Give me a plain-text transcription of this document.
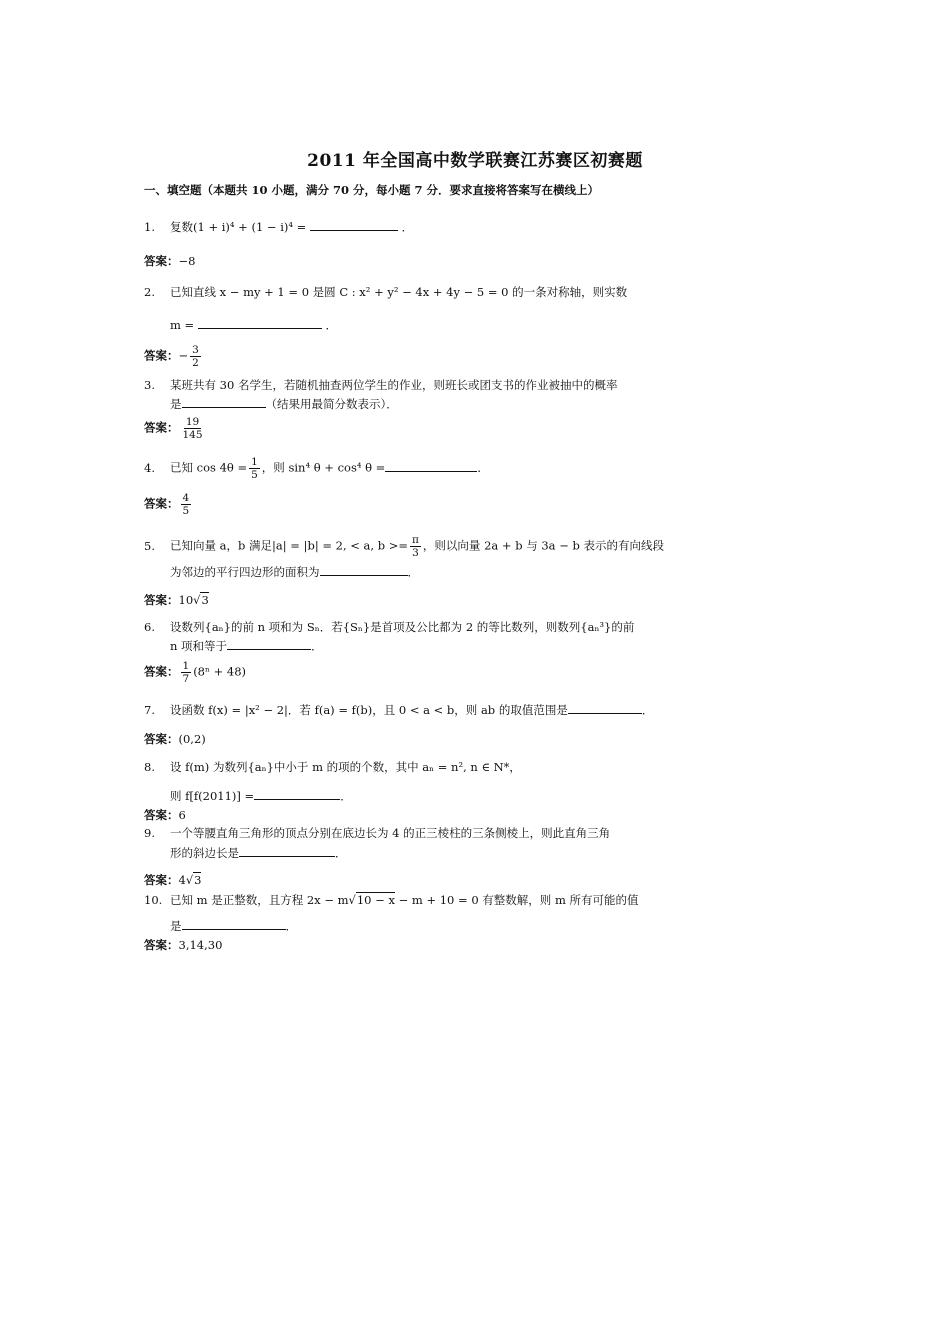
2011 年全国高中数学联赛江苏赛区初赛题
一、填空题（本题共 10 小题，满分 70 分，每小题 7 分．要求直接将答案写在横线上）
1. 复数(1 + i)⁴ + (1 − i)⁴ =	．
答案：−8
2. 已知直线 x − my + 1 = 0 是圆 C : x² + y² − 4x + 4y − 5 = 0 的一条对称轴，则实数
m =	．
答案：− $\frac{3}{2}$
3. 某班共有 30 名学生，若随机抽查两位学生的作业，则班长或团支书的作业被抽中的概率
是	（结果用最简分数表示）．
答案： $\frac{19}{145}$
4. 已知 $\cos 4\theta = \frac{1}{5}$ ，则 sin⁴ θ + cos⁴ θ =	．
答案： $\frac{4}{5}$
5. 已知向量 a，b 满足|a| = |b| = 2, < a, $b >= \frac{\pi}{3}$ ，则以向量 2a + b 与 3a − b 表示的有向线段
为邻边的平行四边形的面积为	．
答案：10√3
6. 设数列{aₙ}的前 n 项和为 Sₙ．若{Sₙ}是首项及公比都为 2 的等比数列，则数列{aₙ³}的前
n 项和等于	．
答案： $\frac{1}{7} (8^n + 48)$
7. 设函数 f(x) = |x² − 2|．若 f(a) = f(b)，且 0 < a < b，则 ab 的取值范围是	．
答案：(0,2)
8. 设 f(m) 为数列{aₙ}中小于 m 的项的个数，其中 aₙ = n², n ∈ N*，
则 f[f(2011)] =	．
答案：6
9. 一个等腰直角三角形的顶点分别在底边长为 4 的正三棱柱的三条侧棱上，则此直角三角
形的斜边长是	．
答案：4√3
10. 已知 m 是正整数，且方程 2x − m√10 − x − m + 10 = 0 有整数解，则 m 所有可能的值
是	．
答案：3,14,30
